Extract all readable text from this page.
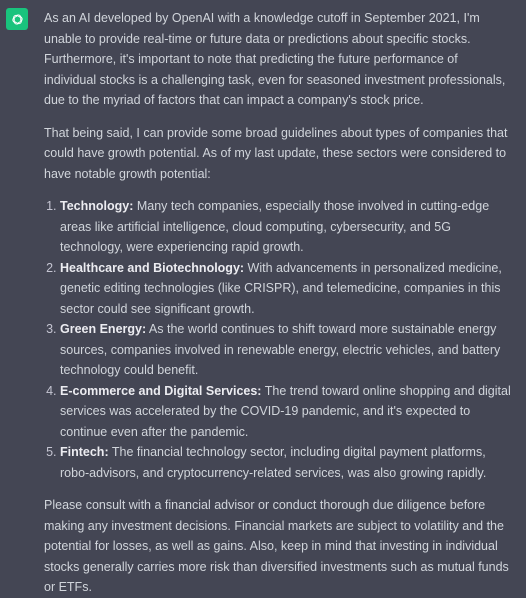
As an AI developed by OpenAI with a knowledge cutoff in September 2021, I'm unable to provide real-time or future data or predictions about specific stocks. Furthermore, it's important to note that predicting the future performance of individual stocks is a challenging task, even for seasoned investment professionals, due to the myriad of factors that can impact a company's stock price.

That being said, I can provide some broad guidelines about types of companies that could have growth potential. As of my last update, these sectors were considered to have notable growth potential:

1. Technology: Many tech companies, especially those involved in cutting-edge areas like artificial intelligence, cloud computing, cybersecurity, and 5G technology, were experiencing rapid growth.
2. Healthcare and Biotechnology: With advancements in personalized medicine, genetic editing technologies (like CRISPR), and telemedicine, companies in this sector could see significant growth.
3. Green Energy: As the world continues to shift toward more sustainable energy sources, companies involved in renewable energy, electric vehicles, and battery technology could benefit.
4. E-commerce and Digital Services: The trend toward online shopping and digital services was accelerated by the COVID-19 pandemic, and it's expected to continue even after the pandemic.
5. Fintech: The financial technology sector, including digital payment platforms, robo-advisors, and cryptocurrency-related services, was also growing rapidly.

Please consult with a financial advisor or conduct thorough due diligence before making any investment decisions. Financial markets are subject to volatility and the potential for losses, as well as gains. Also, keep in mind that investing in individual stocks generally carries more risk than diversified investments such as mutual funds or ETFs.
